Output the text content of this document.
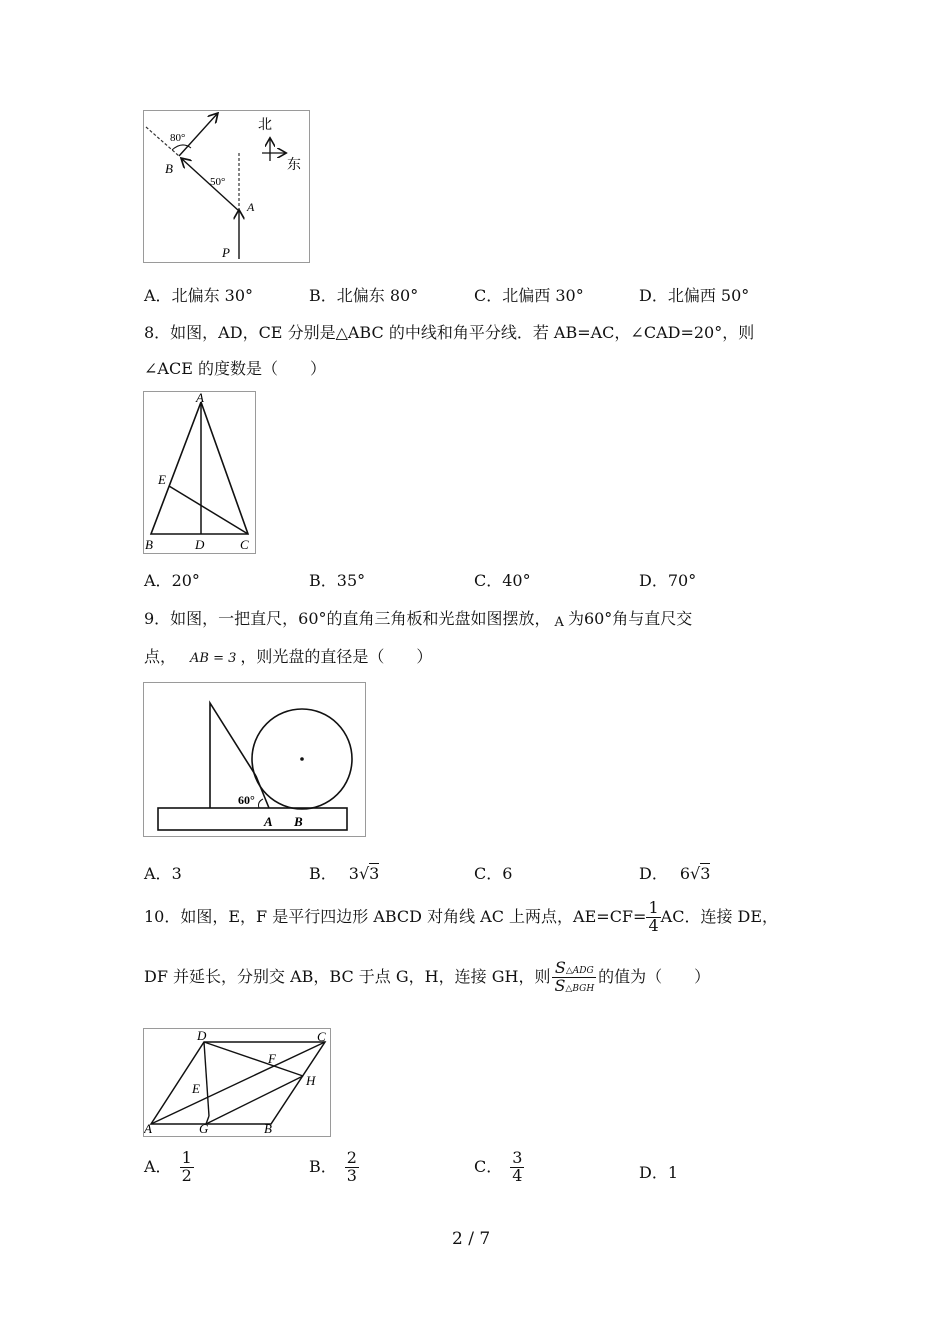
80°
50°
B
A
P
北
东
A．北偏东 30°	B．北偏东 80°	C．北偏西 30°	D．北偏西 50°
8．如图，AD，CE 分别是△ABC 的中线和角平分线．若 AB=AC，∠CAD=20°，则
∠ACE 的度数是（　　）
A
B	C
D
E
A．20°	B．35°	C．40°	D．70°
9．如图，一把直尺，60°的直角三角板和光盘如图摆放， A 为60°角与直尺交
点， AB = 3 ，则光盘的直径是（　　）
60°
A B
A．3	B． 3√3	C．6	D． 6√3
10．如图，E，F 是平行四边形 ABCD 对角线 AC 上两点，$AE=CF= \frac{1}{4}$ AC．连接 DE，
DF 并延长，分别交 AB，BC 于点 G，H，连接 GH，则 $\frac{\text{S△ADG}}{\text{S△BGH}}$ 的值为（　　）
A	B
C
D
E
F
G
H
A． $\frac{1}{2}$	B． $\frac{2}{3}$	C． $\frac{3}{4}$	D．1
2 / 7
